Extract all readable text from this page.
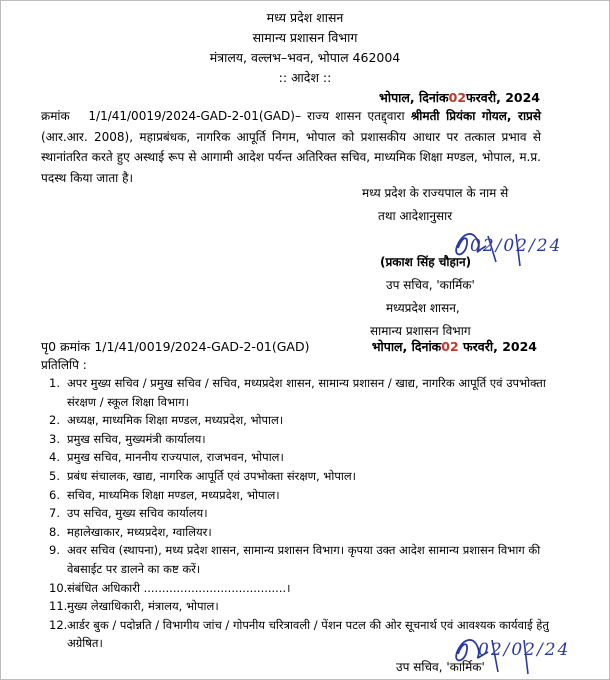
मध्य प्रदेश शासन
सामान्य प्रशासन विभाग
मंत्रालय, वल्लभ–भवन, भोपाल 462004
:: आदेश ::
भोपाल, दिनांक02फरवरी, 2024
क्रमांक 1/1/41/0019/2024-GAD-2-01(GAD)– राज्य शासन एतद्द्वारा श्रीमती प्रियंका गोयल, राप्रसे (आर.आर. 2008), महाप्रबंधक, नागरिक आपूर्ति निगम, भोपाल को प्रशासकीय आधार पर तत्काल प्रभाव से स्थानांतरित करते हुए अस्थाई रूप से आगामी आदेश पर्यन्त अतिरिक्त सचिव, माध्यमिक शिक्षा मण्डल, भोपाल, म.प्र. पदस्थ किया जाता है।
मध्य प्रदेश के राज्यपाल के नाम से
तथा आदेशानुसार
02/02/24
(प्रकाश सिंह चौहान)
उप सचिव, 'कार्मिक'
मध्यप्रदेश शासन,
सामान्य प्रशासन विभाग
पृ0 क्रमांक 1/1/41/0019/2024-GAD-2-01(GAD)	भोपाल, दिनांक02 फरवरी, 2024
प्रतिलिपि :
1. अपर मुख्य सचिव / प्रमुख सचिव / सचिव, मध्यप्रदेश शासन, सामान्य प्रशासन / खाद्य, नागरिक आपूर्ति एवं उपभोक्ता संरक्षण / स्कूल शिक्षा विभाग।
2. अध्यक्ष, माध्यमिक शिक्षा मण्डल, मध्यप्रदेश, भोपाल।
3. प्रमुख सचिव, मुख्यमंत्री कार्यालय।
4. प्रमुख सचिव, माननीय राज्यपाल, राजभवन, भोपाल।
5. प्रबंध संचालक, खाद्य, नागरिक आपूर्ति एवं उपभोक्ता संरक्षण, भोपाल।
6. सचिव, माध्यमिक शिक्षा मण्डल, मध्यप्रदेश, भोपाल।
7. उप सचिव, मुख्य सचिव कार्यालय।
8. महालेखाकार, मध्यप्रदेश, ग्वालियर।
9. अवर सचिव (स्थापना), मध्य प्रदेश शासन, सामान्य प्रशासन विभाग। कृपया उक्त आदेश सामान्य प्रशासन विभाग की वेबसाईट पर डालने का कष्ट करें।
10. संबंधित अधिकारी .......................................।
11. मुख्य लेखाधिकारी, मंत्रालय, भोपाल।
12. आर्डर बुक / पदोन्नति / विभागीय जांच / गोपनीय चरित्रावली / पेंशन पटल की ओर सूचनार्थ एवं आवश्यक कार्यवाई हेतु अग्रेषित।	02/02/24
उप सचिव, 'कार्मिक'
